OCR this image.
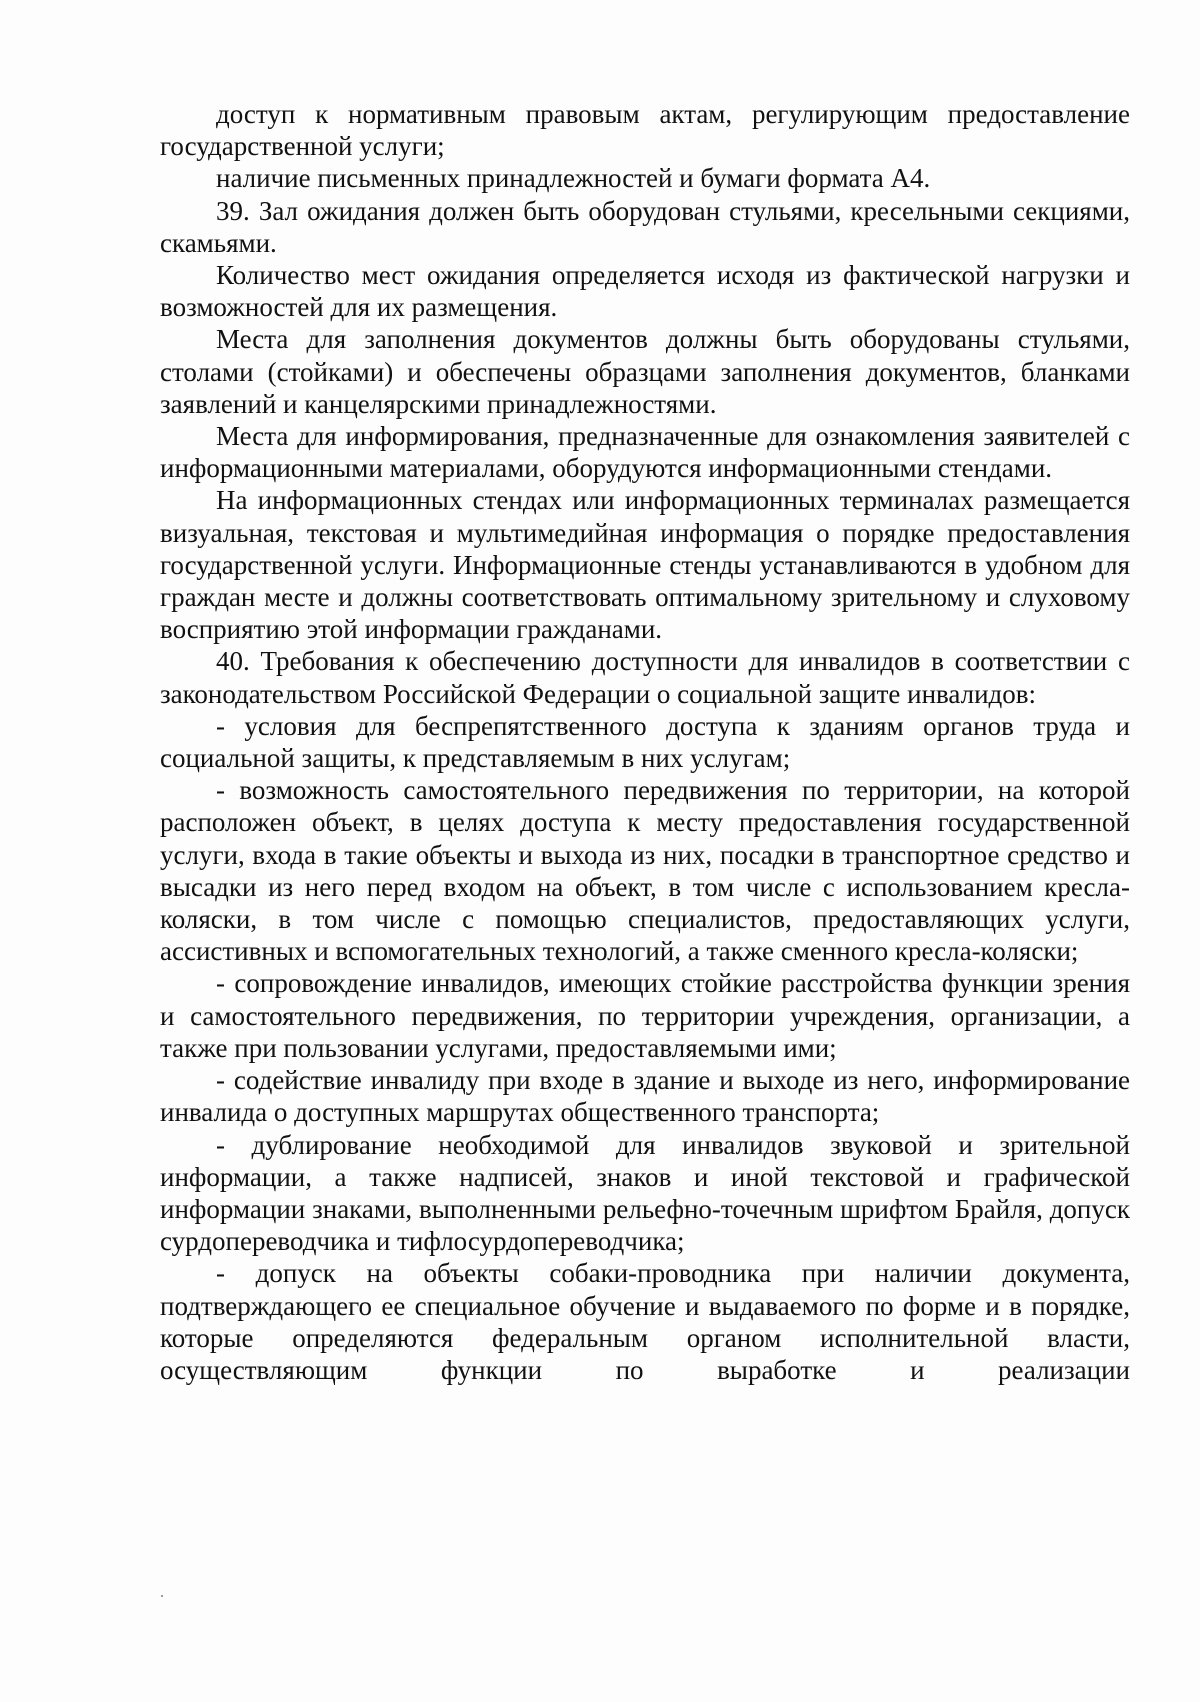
доступ к нормативным правовым актам, регулирующим предоставление государственной услуги;

наличие письменных принадлежностей и бумаги формата А4.

39. Зал ожидания должен быть оборудован стульями, кресельными секциями, скамьями.

Количество мест ожидания определяется исходя из фактической нагрузки и возможностей для их размещения.

Места для заполнения документов должны быть оборудованы стульями, столами (стойками) и обеспечены образцами заполнения документов, бланками заявлений и канцелярскими принадлежностями.

Места для информирования, предназначенные для ознакомления заявителей с информационными материалами, оборудуются информационными стендами.

На информационных стендах или информационных терминалах размещается визуальная, текстовая и мультимедийная информация о порядке предоставления государственной услуги. Информационные стенды устанавливаются в удобном для граждан месте и должны соответствовать оптимальному зрительному и слуховому восприятию этой информации гражданами.

40. Требования к обеспечению доступности для инвалидов в соответствии с законодательством Российской Федерации о социальной защите инвалидов:

- условия для беспрепятственного доступа к зданиям органов труда и социальной защиты, к представляемым в них услугам;

- возможность самостоятельного передвижения по территории, на которой расположен объект, в целях доступа к месту предоставления государственной услуги, входа в такие объекты и выхода из них, посадки в транспортное средство и высадки из него перед входом на объект, в том числе с использованием кресла-коляски, в том числе с помощью специалистов, предоставляющих услуги, ассистивных и вспомогательных технологий, а также сменного кресла-коляски;

- сопровождение инвалидов, имеющих стойкие расстройства функции зрения и самостоятельного передвижения, по территории учреждения, организации, а также при пользовании услугами, предоставляемыми ими;

- содействие инвалиду при входе в здание и выходе из него, информирование инвалида о доступных маршрутах общественного транспорта;

- дублирование необходимой для инвалидов звуковой и зрительной информации, а также надписей, знаков и иной текстовой и графической информации знаками, выполненными рельефно-точечным шрифтом Брайля, допуск сурдопереводчика и тифлосурдопереводчика;

- допуск на объекты собаки-проводника при наличии документа, подтверждающего ее специальное обучение и выдаваемого по форме и в порядке, которые определяются федеральным органом исполнительной власти, осуществляющим функции по выработке и реализации
